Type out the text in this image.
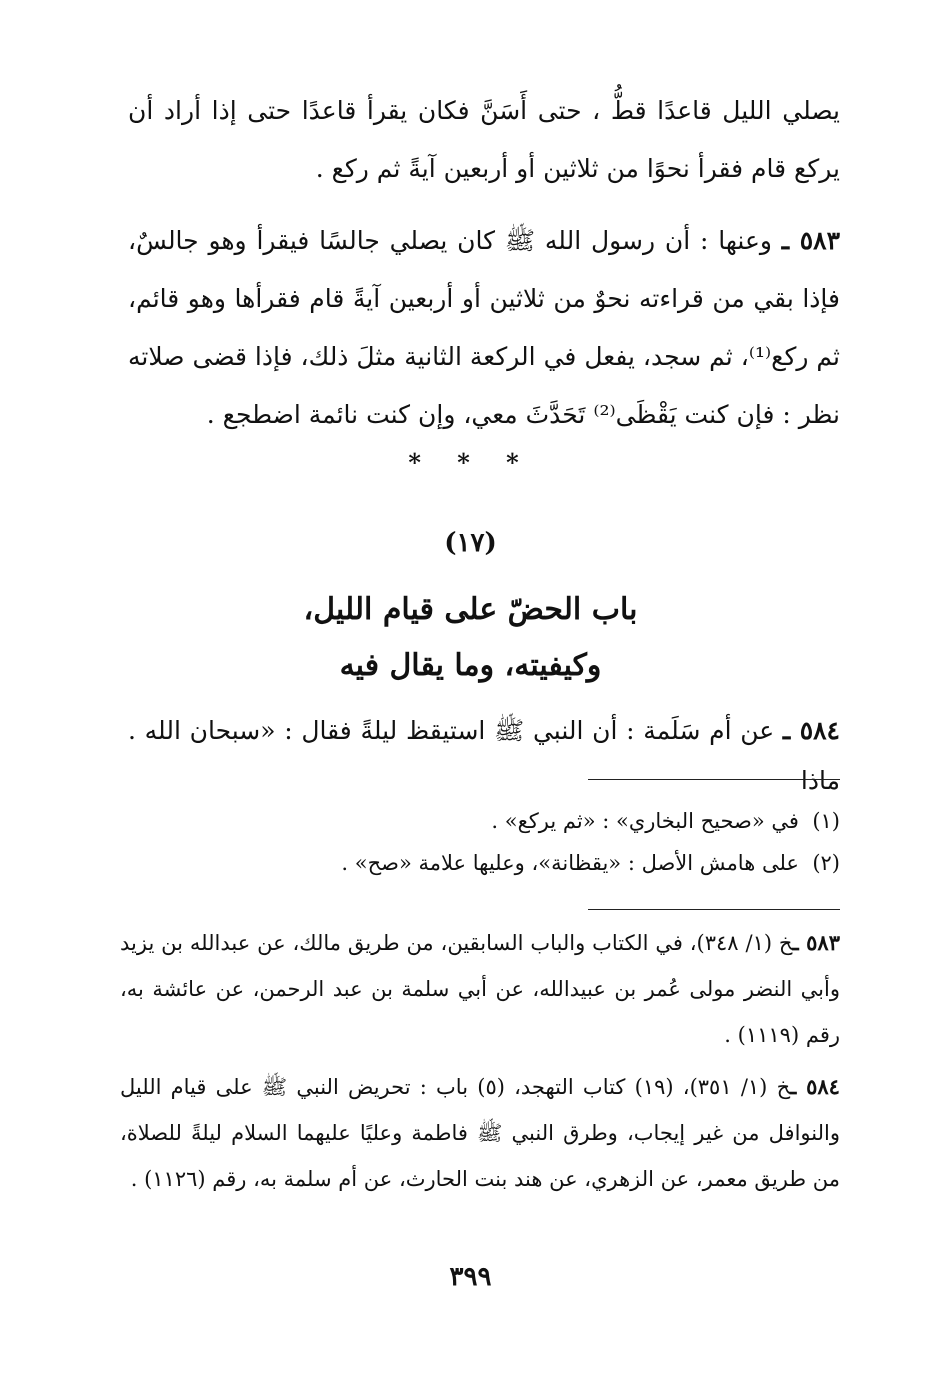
يصلي الليل قاعدًا قطُّ ، حتى أَسَنَّ فكان يقرأ قاعدًا حتى إذا أراد أن يركع قام فقرأ نحوًا من ثلاثين أو أربعين آيةً ثم ركع .

٥٨٣ ـ وعنها : أن رسول الله ﷺ كان يصلي جالسًا فيقرأ وهو جالسٌ، فإذا بقي من قراءته نحوٌ من ثلاثين أو أربعين آيةً قام فقرأها وهو قائم، ثم ركع⁽¹⁾، ثم سجد، يفعل في الركعة الثانية مثلَ ذلك، فإذا قضى صلاته نظر : فإن كنت يَقْظَى⁽²⁾ تَحَدَّثَ معي، وإن كنت نائمة اضطجع .

* * *
(١٧)
باب الحضّ على قيام الليل،
وكيفيته، وما يقال فيه
٥٨٤ ـ عن أم سَلَمة : أن النبي ﷺ استيقظ ليلةً فقال : «سبحان الله . ماذا

(١)  في «صحيح البخاري» : «ثم يركع» .

(٢)  على هامش الأصل : «يقظانة»، وعليها علامة «صح» .

٥٨٣ ـخ (١/ ٣٤٨)، في الكتاب والباب السابقين، من طريق مالك، عن عبدالله بن يزيد وأبي النضر مولى عُمر بن عبيدالله، عن أبي سلمة بن عبد الرحمن، عن عائشة به، رقم (١١١٩) .

٥٨٤ ـخ (١/ ٣٥١)، (١٩) كتاب التهجد، (٥) باب : تحريض النبي ﷺ على قيام الليل والنوافل من غير إيجاب، وطرق النبي ﷺ فاطمة وعليًا عليهما السلام ليلةً للصلاة، من طريق معمر، عن الزهري، عن هند بنت الحارث، عن أم سلمة به، رقم (١١٢٦) .

٣٩٩
